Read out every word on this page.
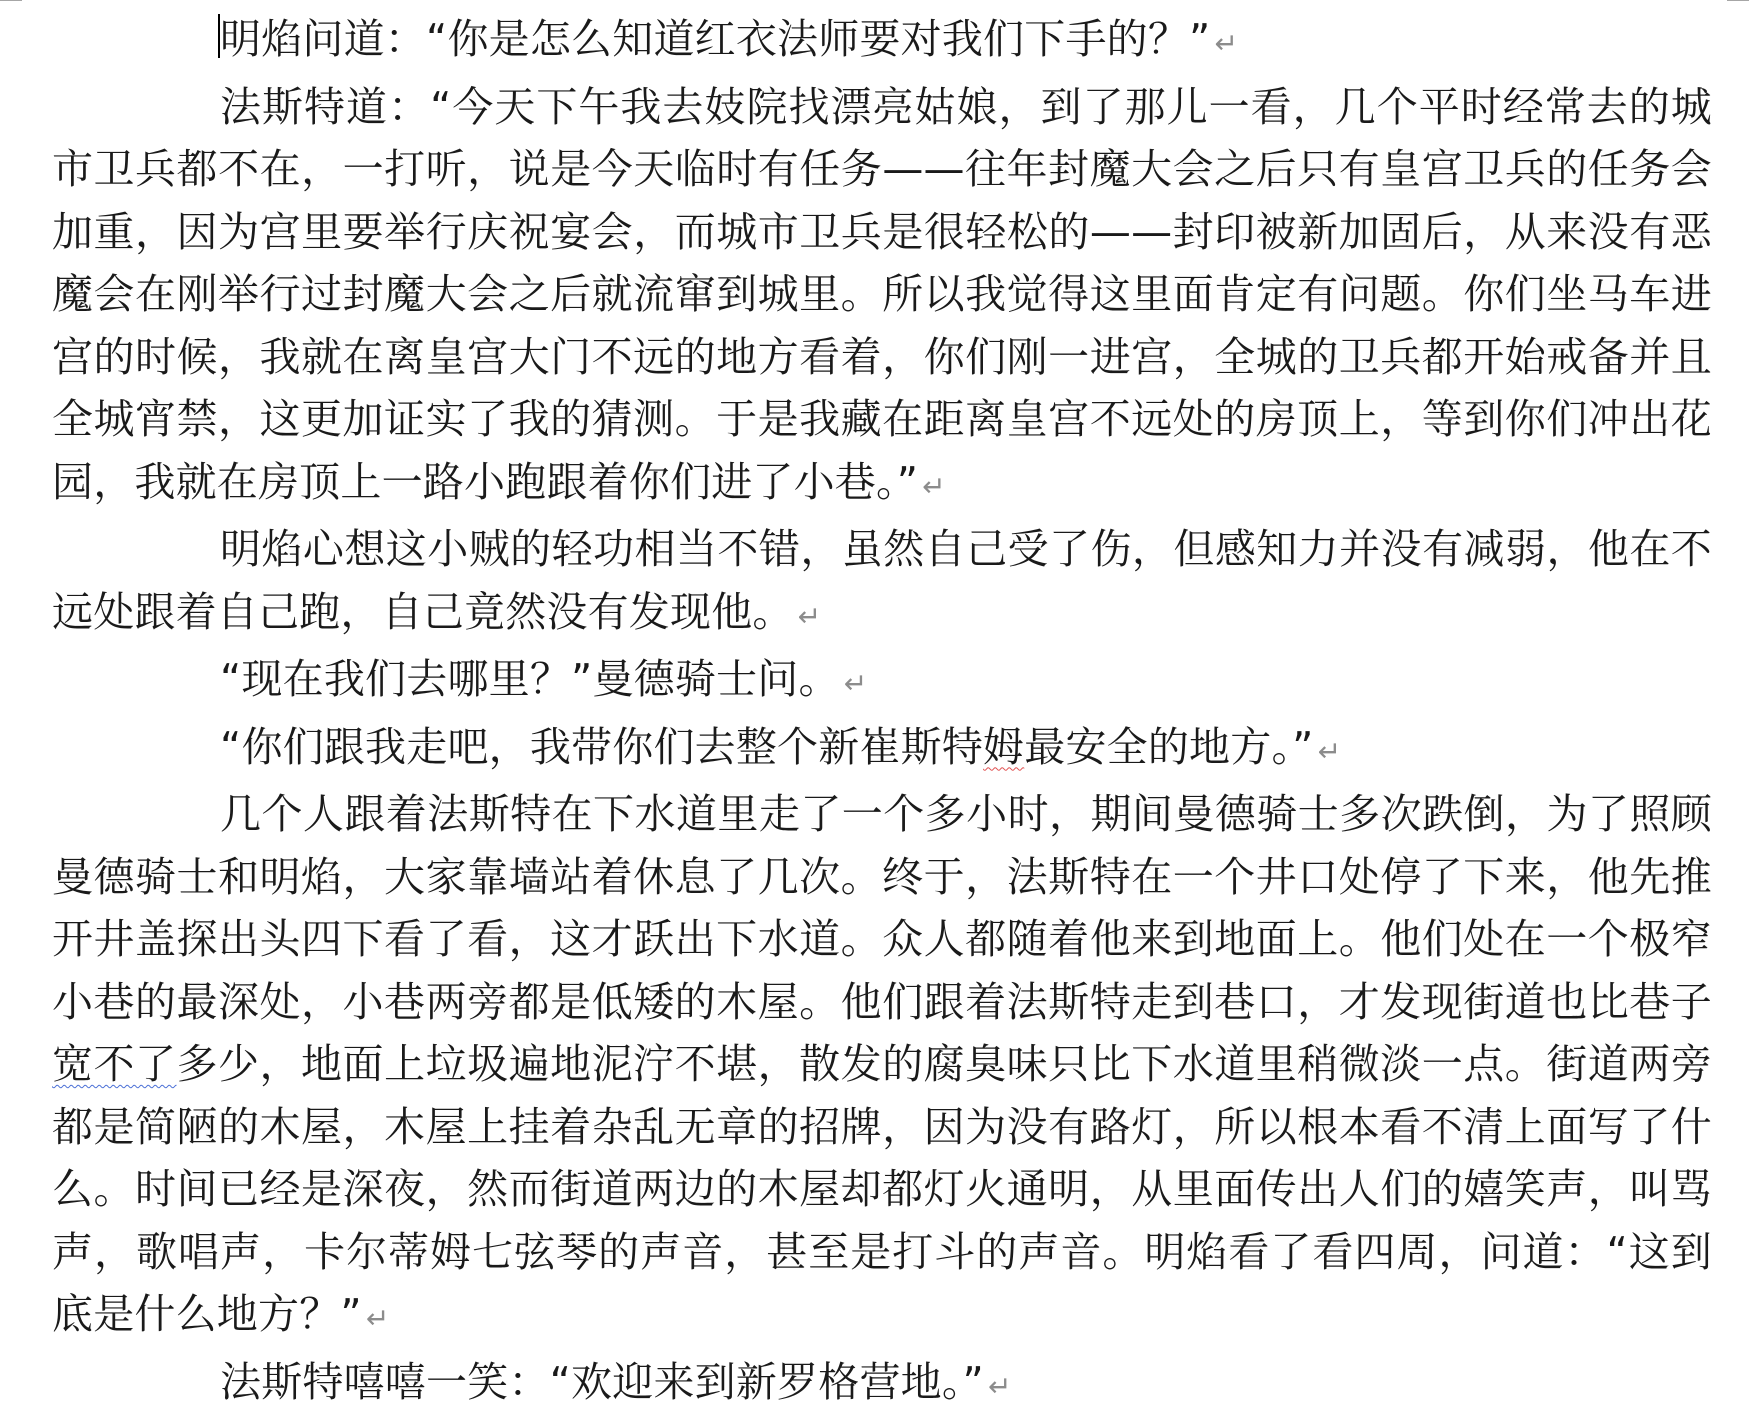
明焰问道：“你是怎么知道红衣法师要对我们下手的？” ↵

法斯特道：“今天下午我去妓院找漂亮姑娘，到了那儿一看，几个平时经常去的城市卫兵都不在，一打听，说是今天临时有任务——往年封魔大会之后只有皇宫卫兵的任务会加重，因为宫里要举行庆祝宴会，而城市卫兵是很轻松的——封印被新加固后，从来没有恶魔会在刚举行过封魔大会之后就流窜到城里。所以我觉得这里面肯定有问题。你们坐马车进宫的时候，我就在离皇宫大门不远的地方看着，你们刚一进宫，全城的卫兵都开始戒备并且全城宵禁，这更加证实了我的猜测。于是我藏在距离皇宫不远处的房顶上，等到你们冲出花园，我就在房顶上一路小跑跟着你们进了小巷。” ↵

明焰心想这小贼的轻功相当不错，虽然自己受了伤，但感知力并没有减弱，他在不远处跟着自己跑，自己竟然没有发现他。 ↵

“现在我们去哪里？”曼德骑士问。 ↵

“你们跟我走吧，我带你们去整个新崔斯特姆最安全的地方。” ↵

几个人跟着法斯特在下水道里走了一个多小时，期间曼德骑士多次跌倒，为了照顾曼德骑士和明焰，大家靠墙站着休息了几次。终于，法斯特在一个井口处停了下来，他先推开井盖探出头四下看了看，这才跃出下水道。众人都随着他来到地面上。他们处在一个极窄小巷的最深处，小巷两旁都是低矮的木屋。他们跟着法斯特走到巷口，才发现街道也比巷子宽不了多少，地面上垃圾遍地泥泞不堪，散发的腐臭味只比下水道里稍微淡一点。街道两旁都是简陋的木屋，木屋上挂着杂乱无章的招牌，因为没有路灯，所以根本看不清上面写了什么。时间已经是深夜，然而街道两边的木屋却都灯火通明，从里面传出人们的嬉笑声，叫骂声，歌唱声，卡尔蒂姆七弦琴的声音，甚至是打斗的声音。明焰看了看四周，问道：“这到底是什么地方？” ↵

法斯特嘻嘻一笑：“欢迎来到新罗格营地。” ↵
